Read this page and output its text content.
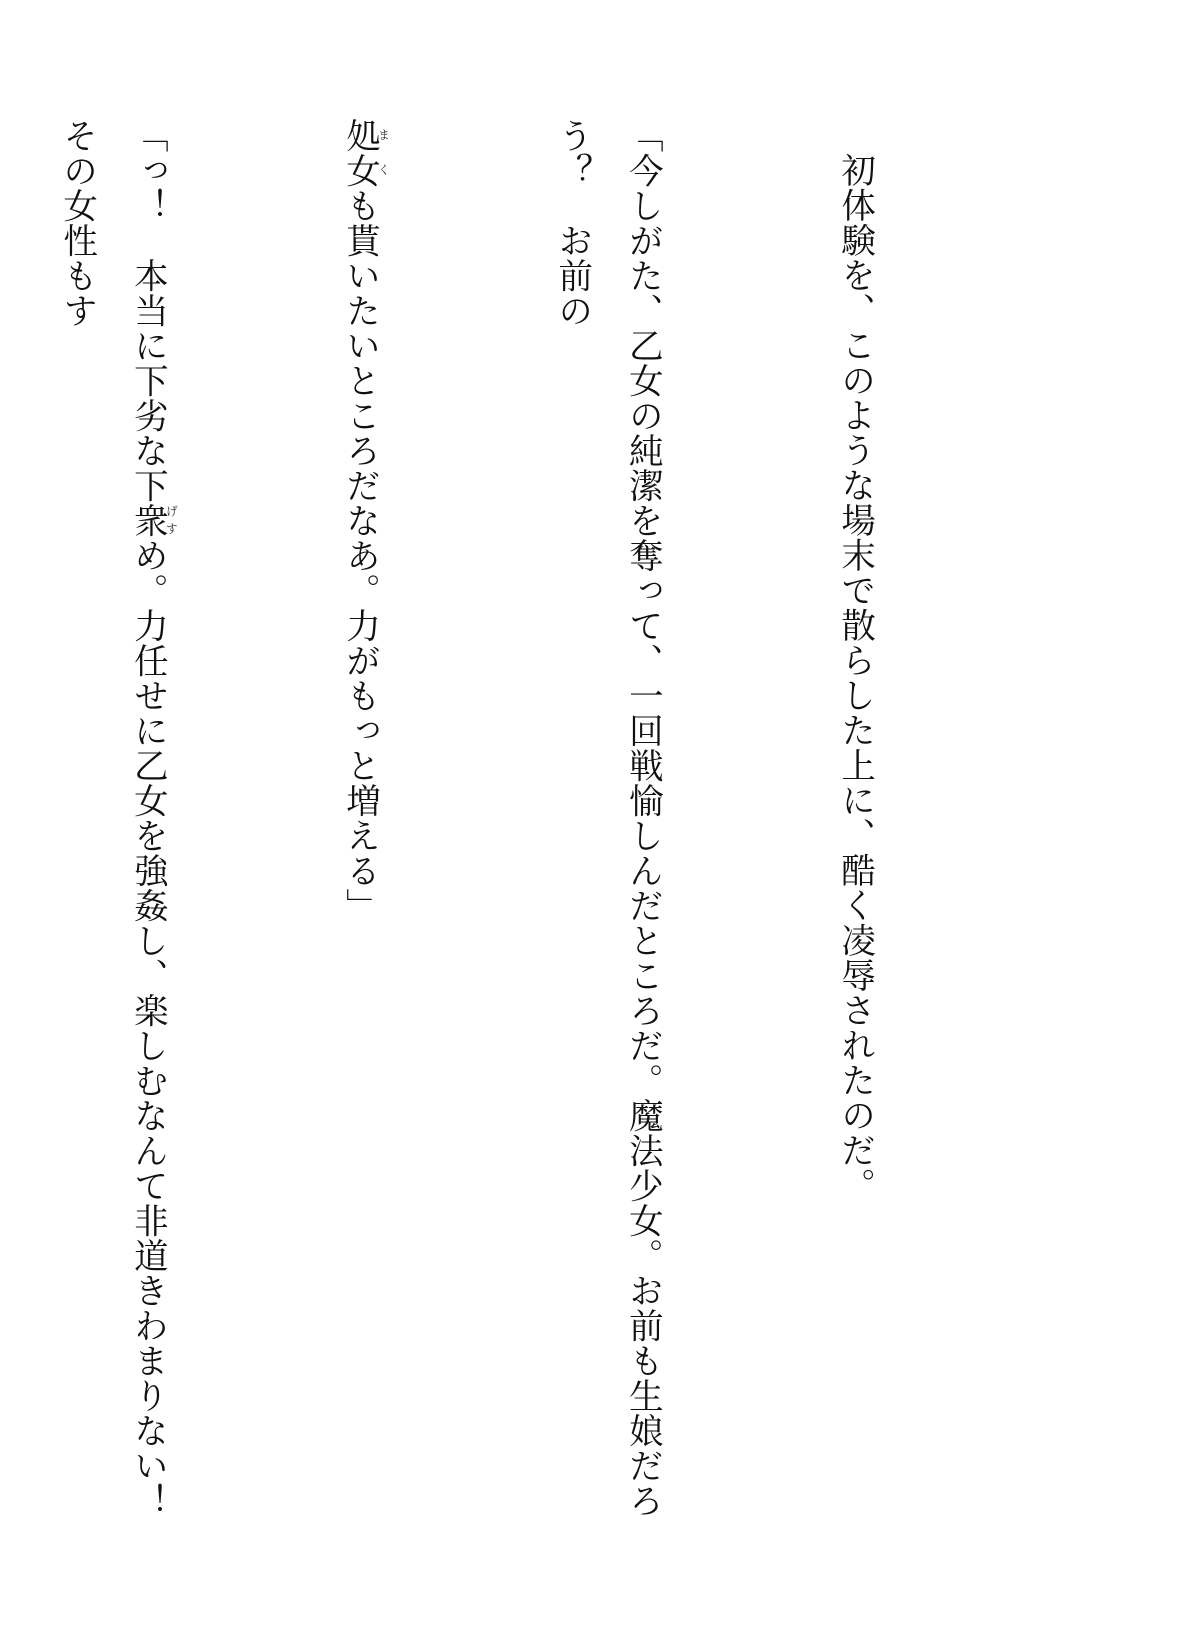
初体験を、このような場末で散らした上に、酷く凌辱されたのだ。

「今しがた、乙女の純潔を奪って、一回戦愉しんだところだ。魔法少女。お前も生娘だろう？　お前の

処女まくも貰いたいところだなあ。力がもっと増える」

「っ！　本当に下劣な下衆げすめ。力任せに乙女を強姦し、楽しむなんて非道きわまりない！　その女性もす
